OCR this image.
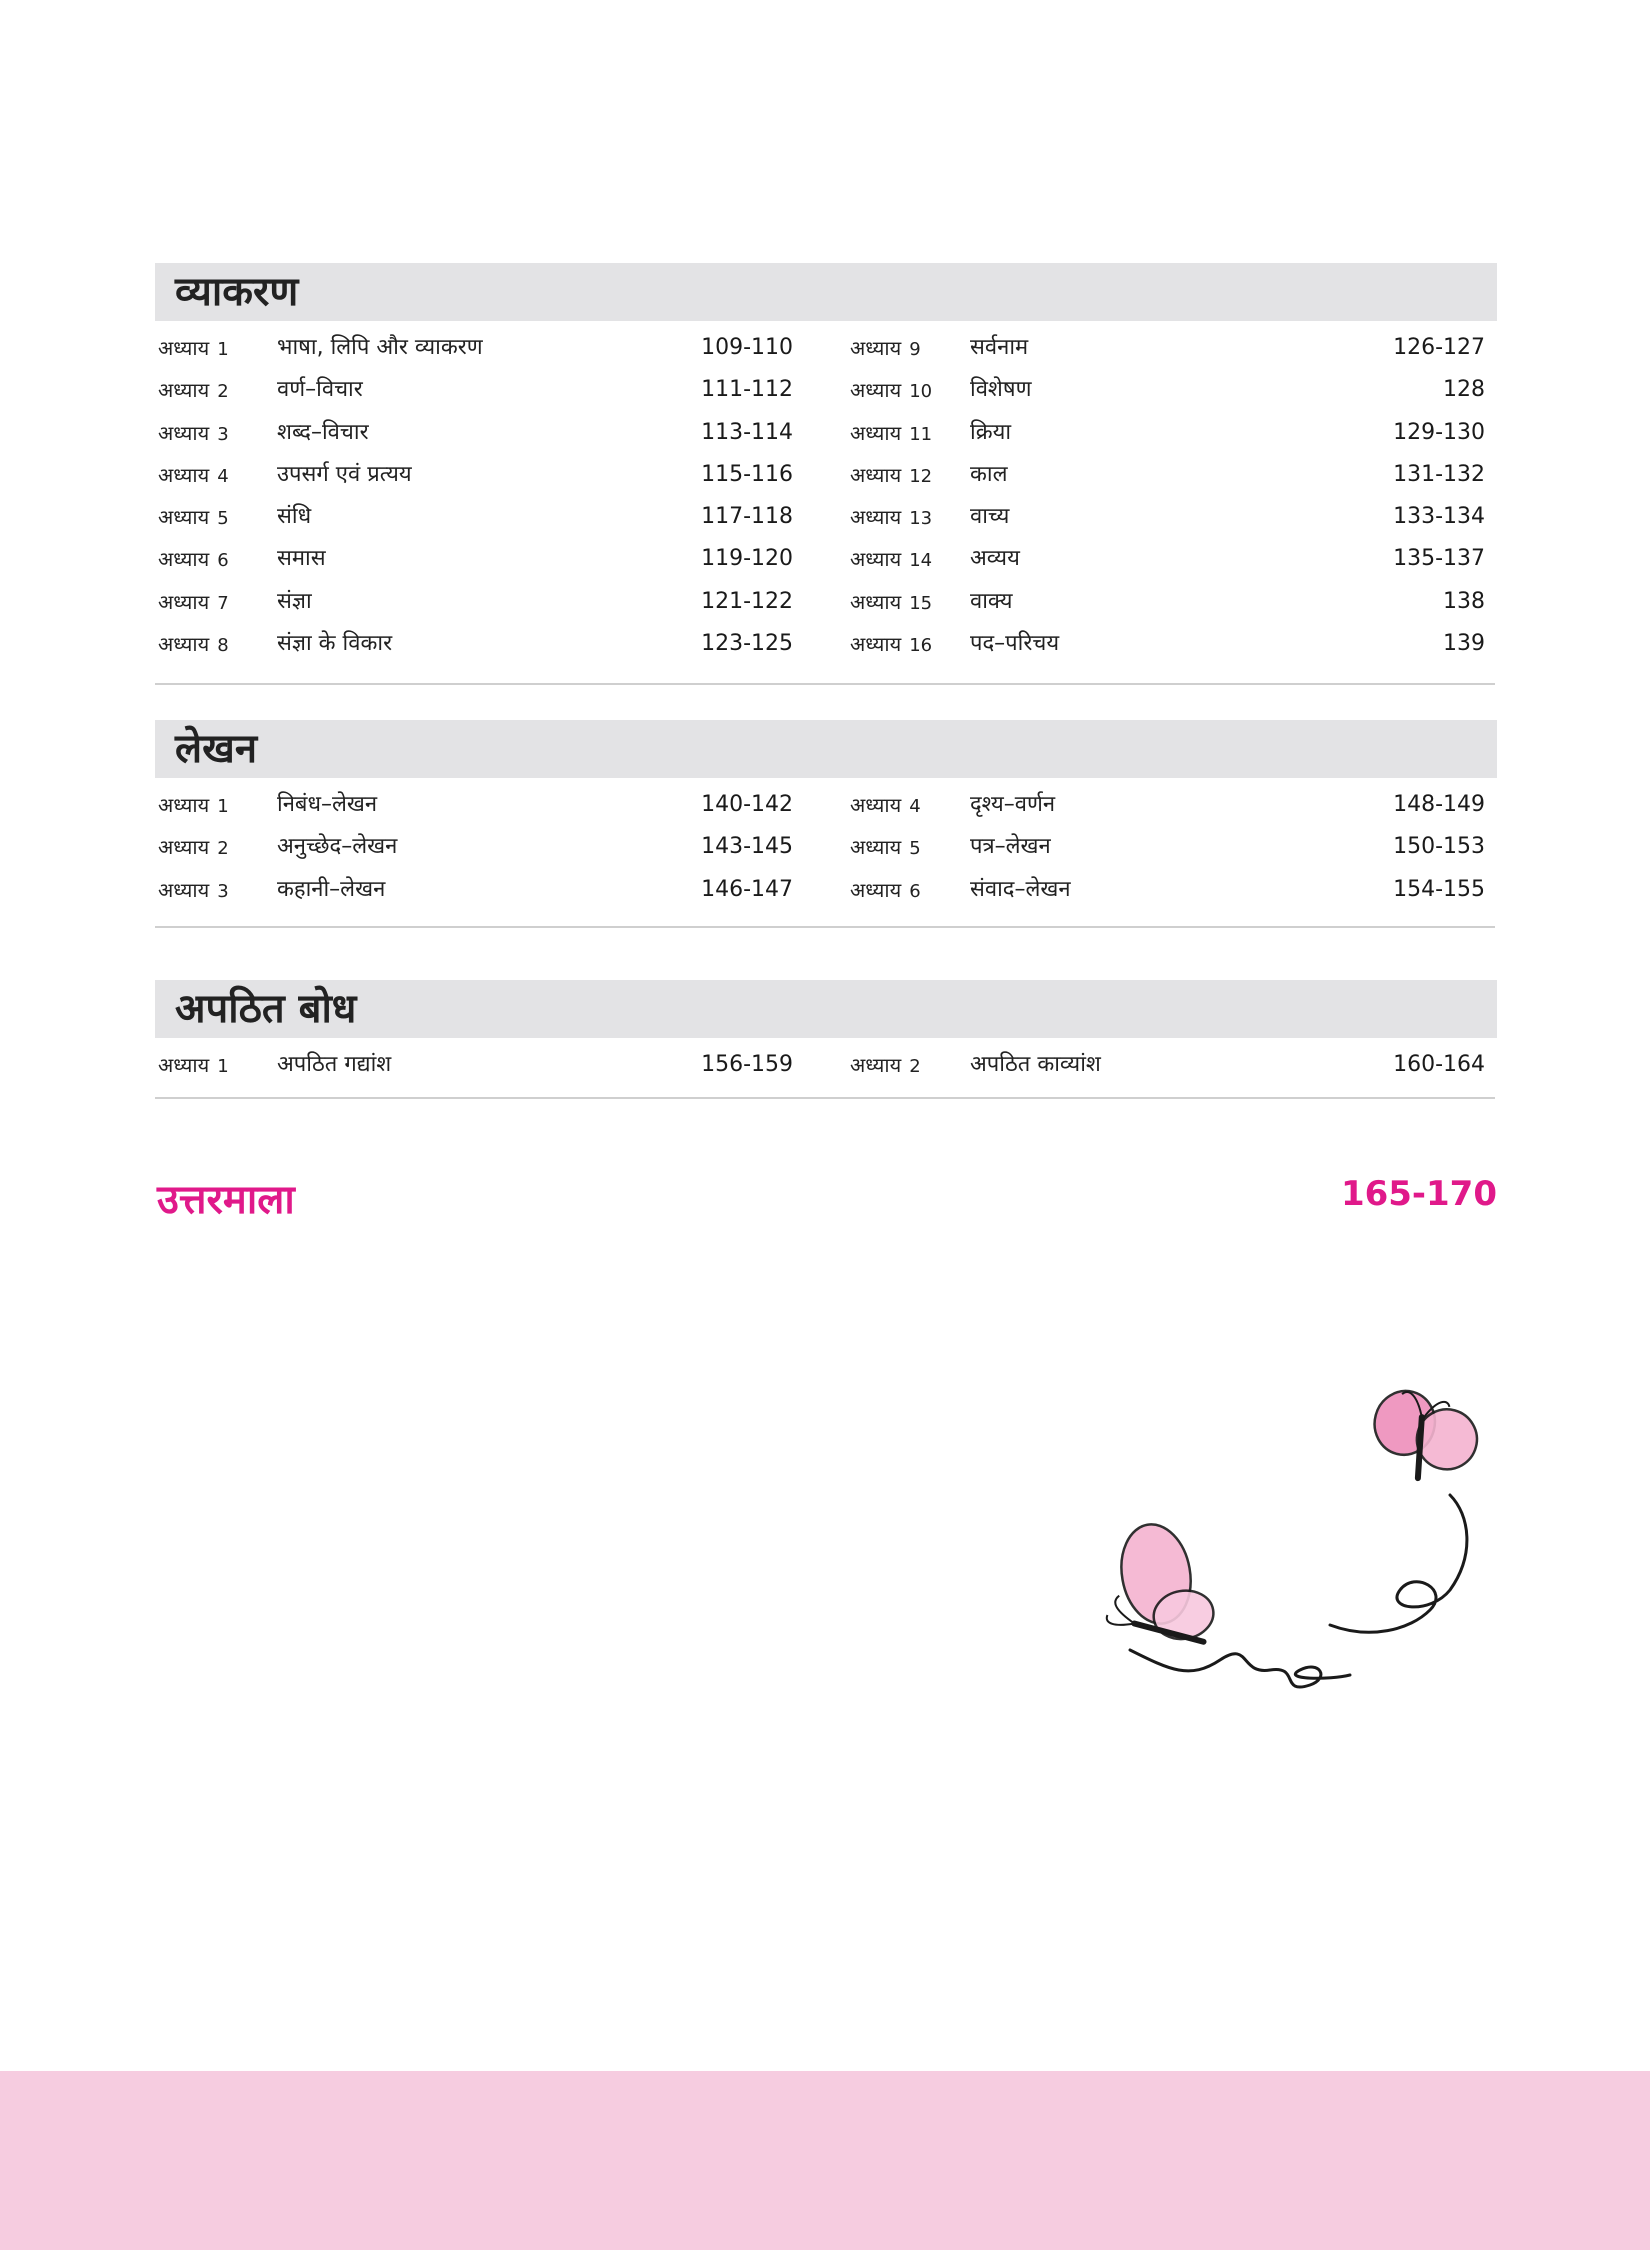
व्याकरण
अध्याय 1 भाषा, लिपि और व्याकरण	109-110	अध्याय 9 सर्वनाम	126-127
अध्याय 2 वर्ण–विचार	111-112	अध्याय 10 विशेषण	128
अध्याय 3 शब्द–विचार	113-114	अध्याय 11 क्रिया	129-130
अध्याय 4 उपसर्ग एवं प्रत्यय	115-116	अध्याय 12 काल	131-132
अध्याय 5 संधि	117-118	अध्याय 13 वाच्य	133-134
अध्याय 6 समास	119-120	अध्याय 14 अव्यय	135-137
अध्याय 7 संज्ञा	121-122	अध्याय 15 वाक्य	138
अध्याय 8 संज्ञा के विकार	123-125	अध्याय 16 पद–परिचय	139
लेखन
अध्याय 1 निबंध–लेखन	140-142	अध्याय 4 दृश्य–वर्णन	148-149
अध्याय 2 अनुच्छेद–लेखन	143-145	अध्याय 5 पत्र–लेखन	150-153
अध्याय 3 कहानी–लेखन	146-147	अध्याय 6 संवाद–लेखन	154-155
अपठित बोध
अध्याय 1 अपठित गद्यांश	156-159	अध्याय 2 अपठित काव्यांश	160-164
उत्तरमाला	165-170
